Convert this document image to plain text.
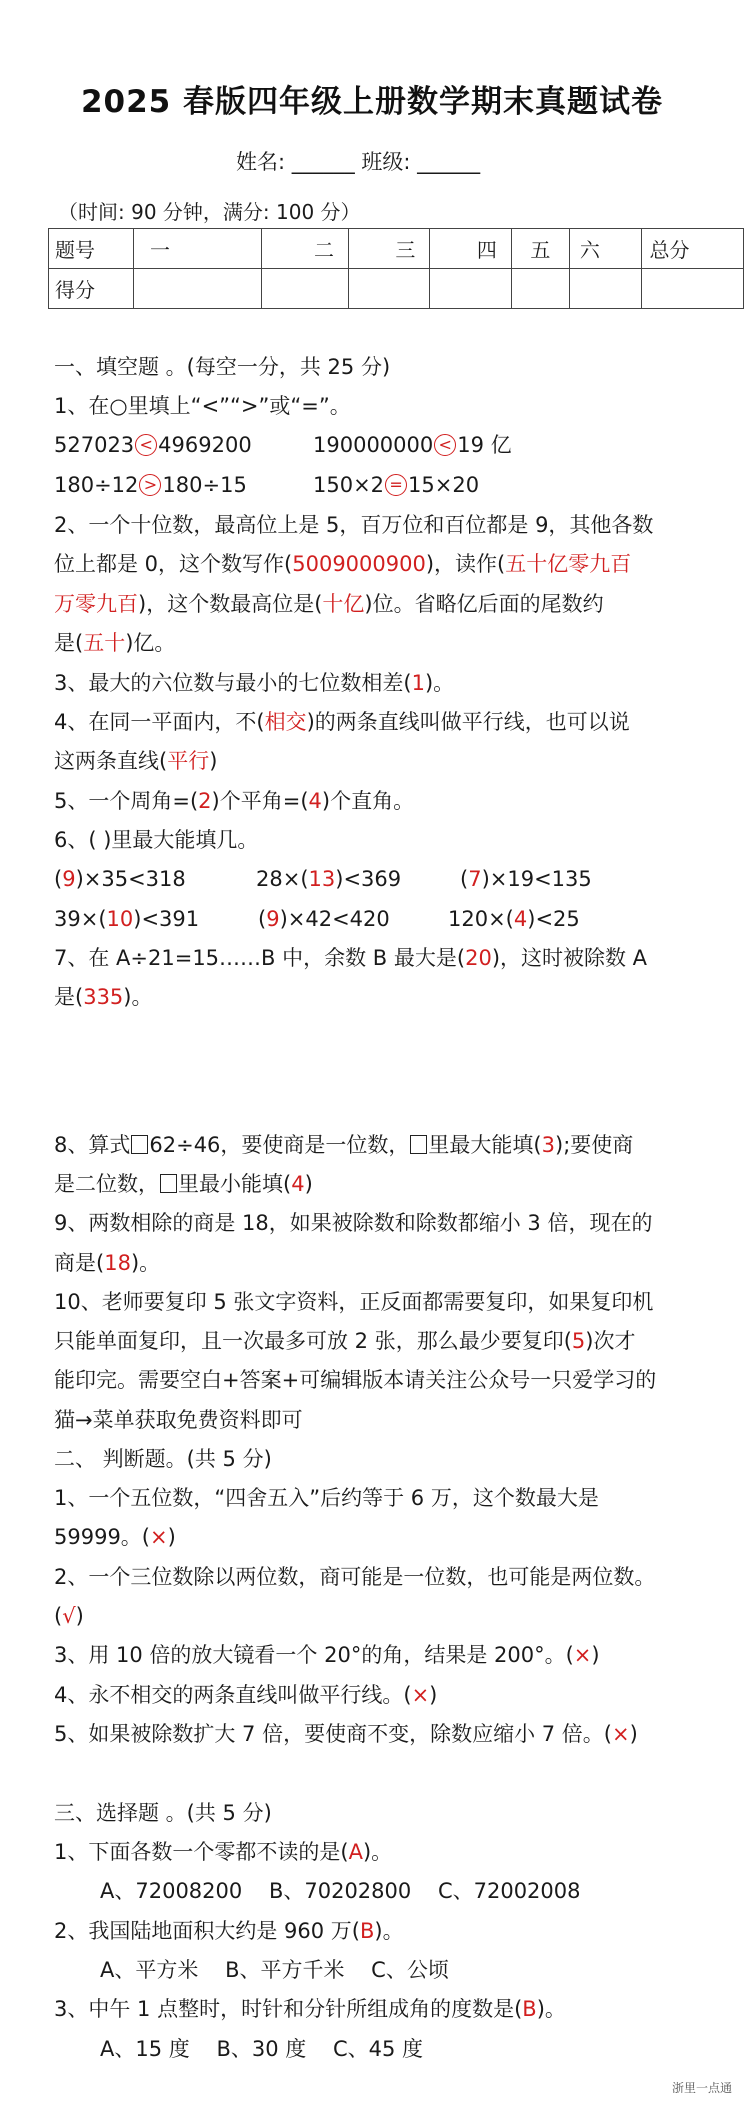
2025 春版四年级上册数学期末真题试卷
姓名: ______ 班级: ______
（时间: 90 分钟，满分: 100 分）
题号	一	二	三	四	五	六	总分
得分							
一、填空题 。(每空一分，共 25 分)
1、在○里填上“<”“>”或“=”。
527023 < 4969200	190000000 < 19 亿
180÷12 > 180÷15	150×2 = 15×20
2、一个十位数，最高位上是 5，百万位和百位都是 9，其他各数
位上都是 0，这个数写作(5009000900)，读作(五十亿零九百
万零九百)，这个数最高位是(十亿)位。省略亿后面的尾数约
是(五十)亿。
3、最大的六位数与最小的七位数相差(1)。
4、在同一平面内，不(相交)的两条直线叫做平行线，也可以说
这两条直线(平行)
5、一个周角=(2)个平角=(4)个直角。
6、( )里最大能填几。
(9)×35<318	28×(13)<369	(7)×19<135
39×(10)<391	(9)×42<420	120×(4)<25
7、在 A÷21=15……B 中，余数 B 最大是(20)，这时被除数 A
是(335)。
8、算式 62÷46，要使商是一位数， 里最大能填(3);要使商
是二位数， 里最小能填(4)
9、两数相除的商是 18，如果被除数和除数都缩小 3 倍，现在的
商是(18)。
10、老师要复印 5 张文字资料，正反面都需要复印，如果复印机
只能单面复印，且一次最多可放 2 张，那么最少要复印(5)次才
能印完。需要空白+答案+可编辑版本请关注公众号一只爱学习的
猫→菜单获取免费资料即可
二、 判断题。(共 5 分)
1、一个五位数，“四舍五入”后约等于 6 万，这个数最大是
59999。(×)
2、一个三位数除以两位数，商可能是一位数，也可能是两位数。
(√)
3、用 10 倍的放大镜看一个 20°的角，结果是 200°。(×)
4、永不相交的两条直线叫做平行线。(×)
5、如果被除数扩大 7 倍，要使商不变，除数应缩小 7 倍。(×)
三、选择题 。(共 5 分)
1、下面各数一个零都不读的是(A)。
A、72008200    B、70202800    C、72002008
2、我国陆地面积大约是 960 万(B)。
A、平方米    B、平方千米    C、公顷
3、中午 1 点整时，时针和分针所组成角的度数是(B)。
A、15 度    B、30 度    C、45 度
浙里一点通
